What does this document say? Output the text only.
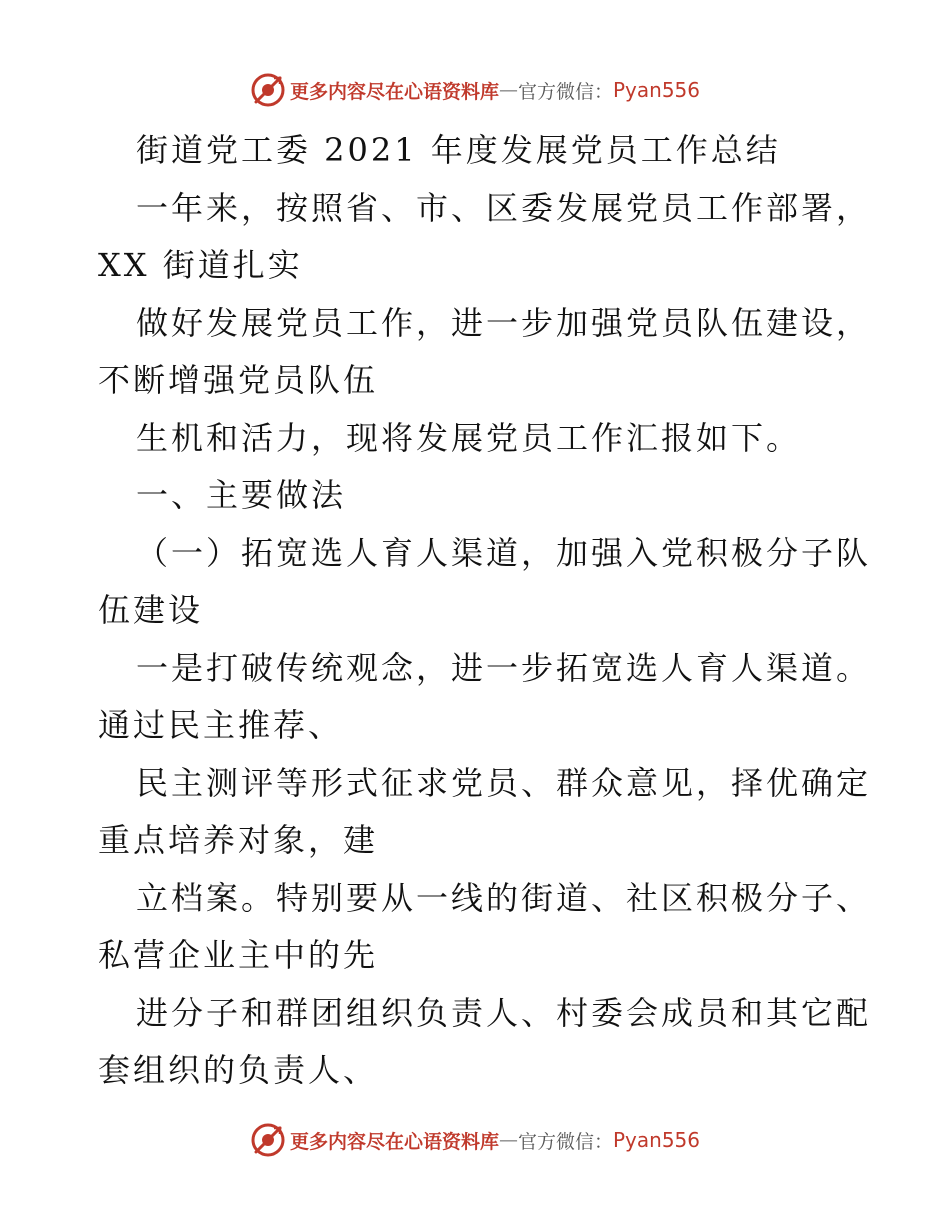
更多内容尽在心语资料库 — 官方微信： Pyan556
街道党工委 2021 年度发展党员工作总结
一年来，按照省、市、区委发展党员工作部署，
XX 街道扎实
做好发展党员工作，进一步加强党员队伍建设，
不断增强党员队伍
生机和活力，现将发展党员工作汇报如下。
一、主要做法
（一）拓宽选人育人渠道，加强入党积极分子队
伍建设
一是打破传统观念，进一步拓宽选人育人渠道。
通过民主推荐、
民主测评等形式征求党员、群众意见，择优确定
重点培养对象，建
立档案。特别要从一线的街道、社区积极分子、
私营企业主中的先
进分子和群团组织负责人、村委会成员和其它配
套组织的负责人、
更多内容尽在心语资料库 — 官方微信： Pyan556
